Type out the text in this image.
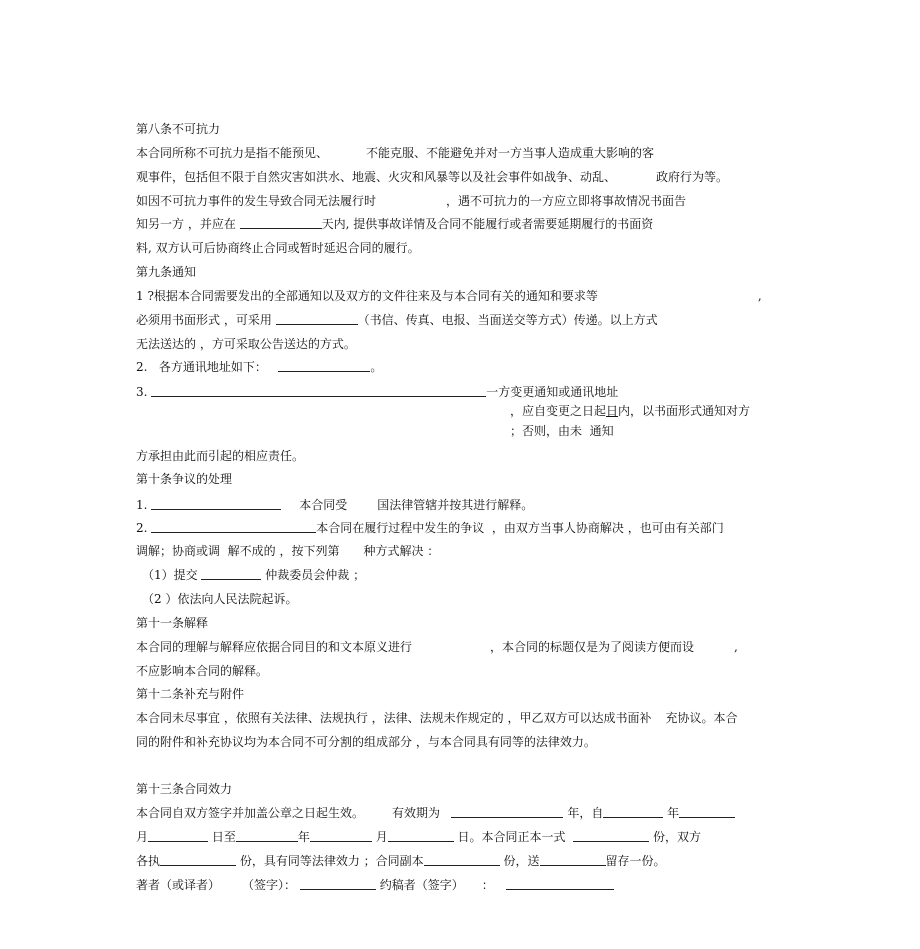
第八条不可抗力
本合同所称不可抗力是指不能预见、	不能克服、不能避免并对一方当事人造成重大影响的客
观事件，包括但不限于自然灾害如洪水、地震、火灾和风暴等以及社会事件如战争、动乱、	政府行为等。
如因不可抗力事件的发生导致合同无法履行时	，遇不可抗力的一方应立即将事故情况书面告
知另一方 ，并应在	天内, 提供事故详情及合同不能履行或者需要延期履行的书面资
料, 双方认可后协商终止合同或暂时延迟合同的履行。
第九条通知
1 ?根据本合同需要发出的全部通知以及双方的文件往来及与本合同有关的通知和要求等	,
必须用书面形式 ，可采用	（书信、传真、电报、当面送交等方式）传递。以上方式
无法送达的 ，方可采取公告送达的方式。
2.   各方通讯地址如下：	。
3.	一方变更通知或通讯地址
，应自变更之日起日内，以书面形式通知对方
；否则，由未  通知
方承担由此而引起的相应责任。
第十条争议的处理
1.	本合同受	国法律管辖并按其进行解释。
2.	本合同在履行过程中发生的争议  ，由双方当事人协商解决 ，也可由有关部门
调解；协商或调 解不成的 ，按下列第 种方式解决 ：
（1）提交	仲裁委员会仲裁 ；
（2 ）依法向人民法院起诉。
第十一条解释
本合同的理解与解释应依据合同目的和文本原义进行	，本合同的标题仅是为了阅读方便而设	,
不应影响本合同的解释。
第十二条补充与附件
本合同未尽事宜 ，依照有关法律、法规执行 ，法律、法规未作规定的 ，甲乙双方可以达成书面补 充协议。本合
同的附件和补充协议均为本合同不可分割的组成部分 ，与本合同具有同等的法律效力。
第十三条合同效力
本合同自双方签字并加盖公章之日起生效。 有效期为	年，自	年
月	日至	年	月	日。本合同正本一式	份，双方
各执	份，具有同等法律效力 ；合同副本	份，送	留存一份。
著者（或译者） （签字）：	约稿者（签字） ：
